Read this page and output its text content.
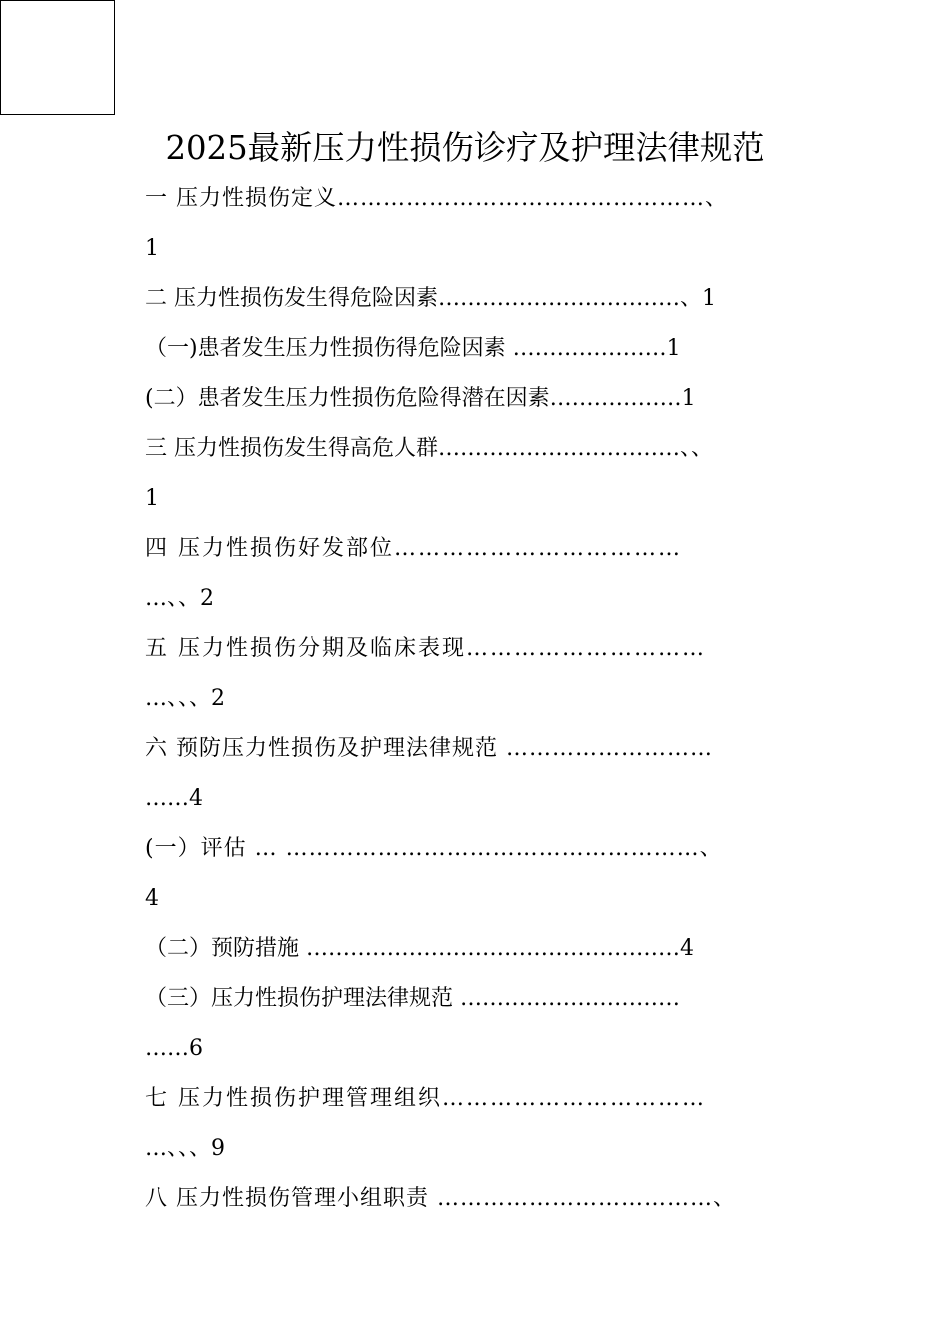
2025最新压力性损伤诊疗及护理法律规范
一 压力性损伤定义…………………………………………、
1
二 压力性损伤发生得危险因素……………………………、1
（一)患者发生压力性损伤得危险因素 …………………1
(二）患者发生压力性损伤危险得潜在因素………………1
三 压力性损伤发生得高危人群……………………………、、
1
四 压力性损伤好发部位………………………………
…、、2
五 压力性损伤分期及临床表现…………………………
…、、、2
六 预防压力性损伤及护理法律规范 ………………………
……4
(一）评估 … ………………………………………………、
4
（二）预防措施 ……………………………………………4
（三）压力性损伤护理法律规范 …………………………
……6
七 压力性损伤护理管理组织……………………………
…、、、9
八 压力性损伤管理小组职责 ………………………………、
